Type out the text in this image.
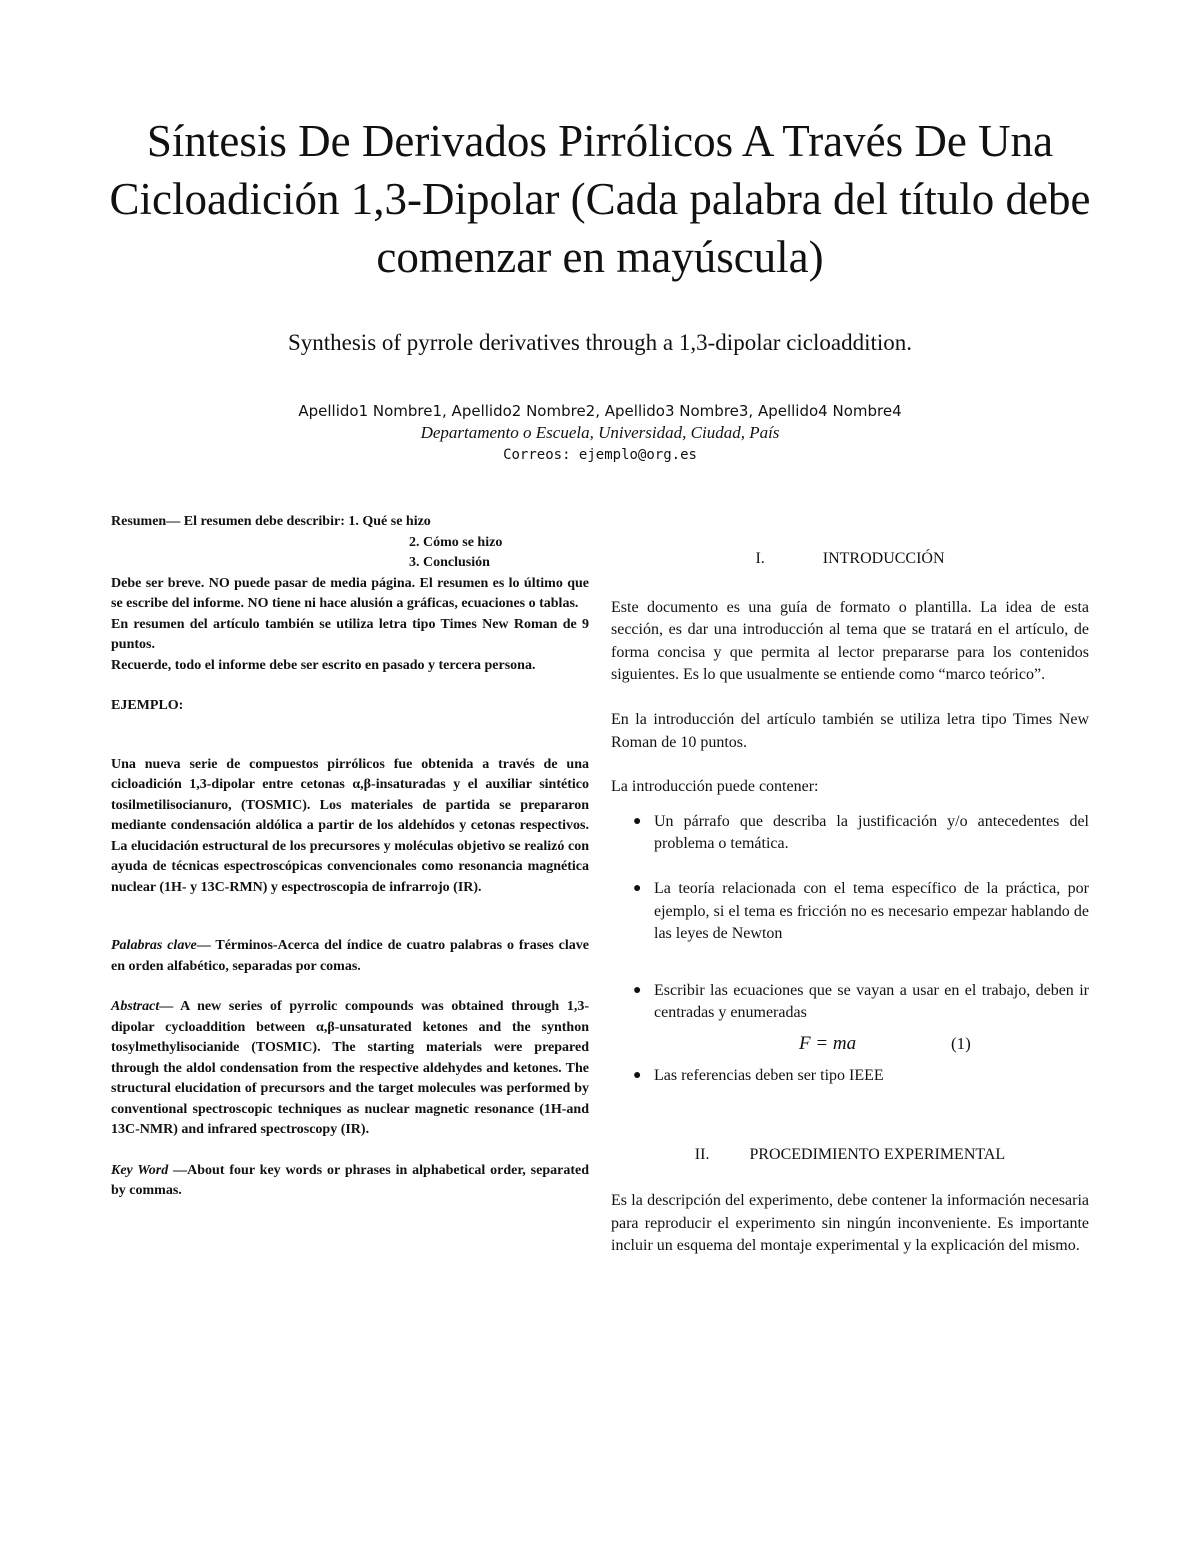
Síntesis De Derivados Pirrólicos A Través De Una Cicloadición 1,3-Dipolar (Cada palabra del título debe comenzar en mayúscula)
Synthesis of pyrrole derivatives through a 1,3-dipolar cicloaddition.
Apellido1 Nombre1, Apellido2 Nombre2, Apellido3 Nombre3, Apellido4 Nombre4
Departamento o Escuela, Universidad, Ciudad, País
Correos: ejemplo@org.es

Resumen— El resumen debe describir: 1. Qué se hizo

2. Cómo se hizo

3. Conclusión

Debe ser breve. NO puede pasar de media página. El resumen es lo último que se escribe del informe. NO tiene ni hace alusión a gráficas, ecuaciones o tablas.

En resumen del artículo también se utiliza letra tipo Times New Roman de 9 puntos.

Recuerde, todo el informe debe ser escrito en pasado y tercera persona.

EJEMPLO:

Una nueva serie de compuestos pirrólicos fue obtenida a través de una cicloadición 1,3-dipolar entre cetonas α,β-insaturadas y el auxiliar sintético tosilmetilisocianuro, (TOSMIC). Los materiales de partida se prepararon mediante condensación aldólica a partir de los aldehídos y cetonas respectivos. La elucidación estructural de los precursores y moléculas objetivo se realizó con ayuda de técnicas espectroscópicas convencionales como resonancia magnética nuclear (1H- y 13C-RMN) y espectroscopia de infrarrojo (IR).

Palabras clave— Términos-Acerca del índice de cuatro palabras o frases clave en orden alfabético, separadas por comas.

Abstract— A new series of pyrrolic compounds was obtained through 1,3-dipolar cycloaddition between α,β-unsaturated ketones and the synthon tosylmethylisocianide (TOSMIC). The starting materials were prepared through the aldol condensation from the respective aldehydes and ketones. The structural elucidation of precursors and the target molecules was performed by conventional spectroscopic techniques as nuclear magnetic resonance (1H-and 13C-NMR) and infrared spectroscopy (IR).

Key Word —About four key words or phrases in alphabetical order, separated by commas.

I.	INTRODUCCIÓN

Este documento es una guía de formato o plantilla. La idea de esta sección, es dar una introducción al tema que se tratará en el artículo, de forma concisa y que permita al lector prepararse para los contenidos siguientes. Es lo que usualmente se entiende como “marco teórico”.

En la introducción del artículo también se utiliza letra tipo Times New Roman de 10 puntos.

La introducción puede contener:

● Un párrafo que describa la justificación y/o antecedentes del problema o temática.
● La teoría relacionada con el tema específico de la práctica, por ejemplo, si el tema es fricción no es necesario empezar hablando de las leyes de Newton
● Escribir las ecuaciones que se vayan a usar en el trabajo, deben ir centradas y enumeradas
F = ma	(1)
● Las referencias deben ser tipo IEEE

II.	PROCEDIMIENTO EXPERIMENTAL

Es la descripción del experimento, debe contener la información necesaria para reproducir el experimento sin ningún inconveniente. Es importante incluir un esquema del montaje experimental y la explicación del mismo.
